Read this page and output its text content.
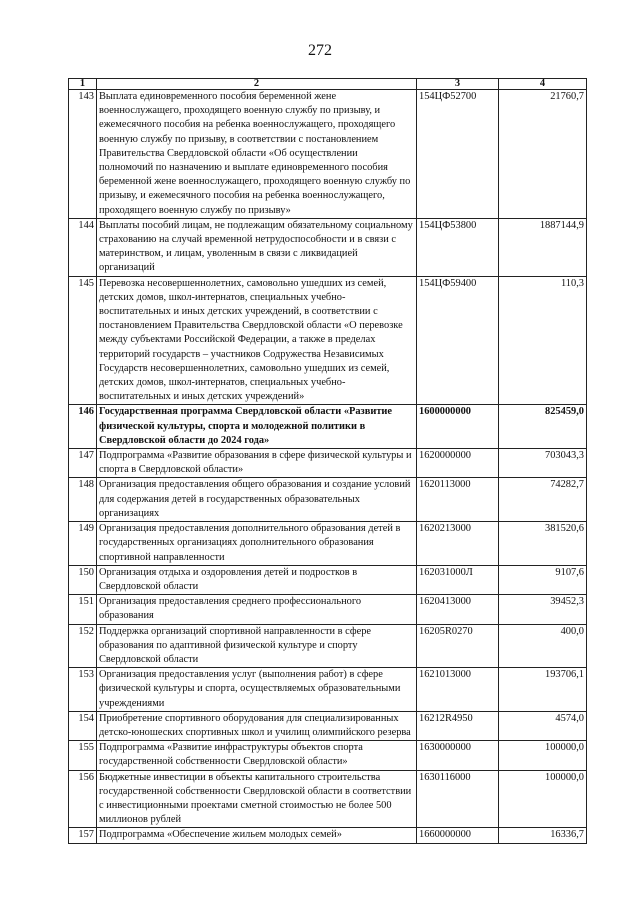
272
1	2	3	4
143	Выплата единовременного пособия беременной жене военнослужащего, проходящего военную службу по призыву, и ежемесячного пособия на ребенка военнослужащего, проходящего военную службу по призыву, в соответствии с постановлением Правительства Свердловской области «Об осуществлении полномочий по назначению и выплате единовременного пособия беременной жене военнослужащего, проходящего военную службу по призыву, и ежемесячного пособия на ребенка военнослужащего, проходящего военную службу по призыву»	154ЦФ52700	21760,7
144	Выплаты пособий лицам, не подлежащим обязательному социальному страхованию на случай временной нетрудоспособности и в связи с материнством, и лицам, уволенным в связи с ликвидацией организаций	154ЦФ53800	1887144,9
145	Перевозка несовершеннолетних, самовольно ушедших из семей, детских домов, школ-интернатов, специальных учебно-воспитательных и иных детских учреждений, в соответствии с постановлением Правительства Свердловской области «О перевозке между субъектами Российской Федерации, а также в пределах территорий государств – участников Содружества Независимых Государств несовершеннолетних, самовольно ушедших из семей, детских домов, школ-интернатов, специальных учебно-воспитательных и иных детских учреждений»	154ЦФ59400	110,3
146	Государственная программа Свердловской области «Развитие физической культуры, спорта и молодежной политики в Свердловской области до 2024 года»	1600000000	825459,0
147	Подпрограмма «Развитие образования в сфере физической культуры и спорта в Свердловской области»	1620000000	703043,3
148	Организация предоставления общего образования и создание условий для содержания детей в государственных образовательных организациях	1620113000	74282,7
149	Организация предоставления дополнительного образования детей в государственных организациях дополнительного образования спортивной направленности	1620213000	381520,6
150	Организация отдыха и оздоровления детей и подростков в Свердловской области	162031000Л	9107,6
151	Организация предоставления среднего профессионального образования	1620413000	39452,3
152	Поддержка организаций спортивной направленности в сфере образования по адаптивной физической культуре и спорту Свердловской области	16205R0270	400,0
153	Организация предоставления услуг (выполнения работ) в сфере физической культуры и спорта, осуществляемых образовательными учреждениями	1621013000	193706,1
154	Приобретение спортивного оборудования для специализированных детско-юношеских спортивных школ и училищ олимпийского резерва	16212R4950	4574,0
155	Подпрограмма «Развитие инфраструктуры объектов спорта государственной собственности Свердловской области»	1630000000	100000,0
156	Бюджетные инвестиции в объекты капитального строительства государственной собственности Свердловской области в соответствии с инвестиционными проектами сметной стоимостью не более 500 миллионов рублей	1630116000	100000,0
157	Подпрограмма «Обеспечение жильем молодых семей»	1660000000	16336,7
